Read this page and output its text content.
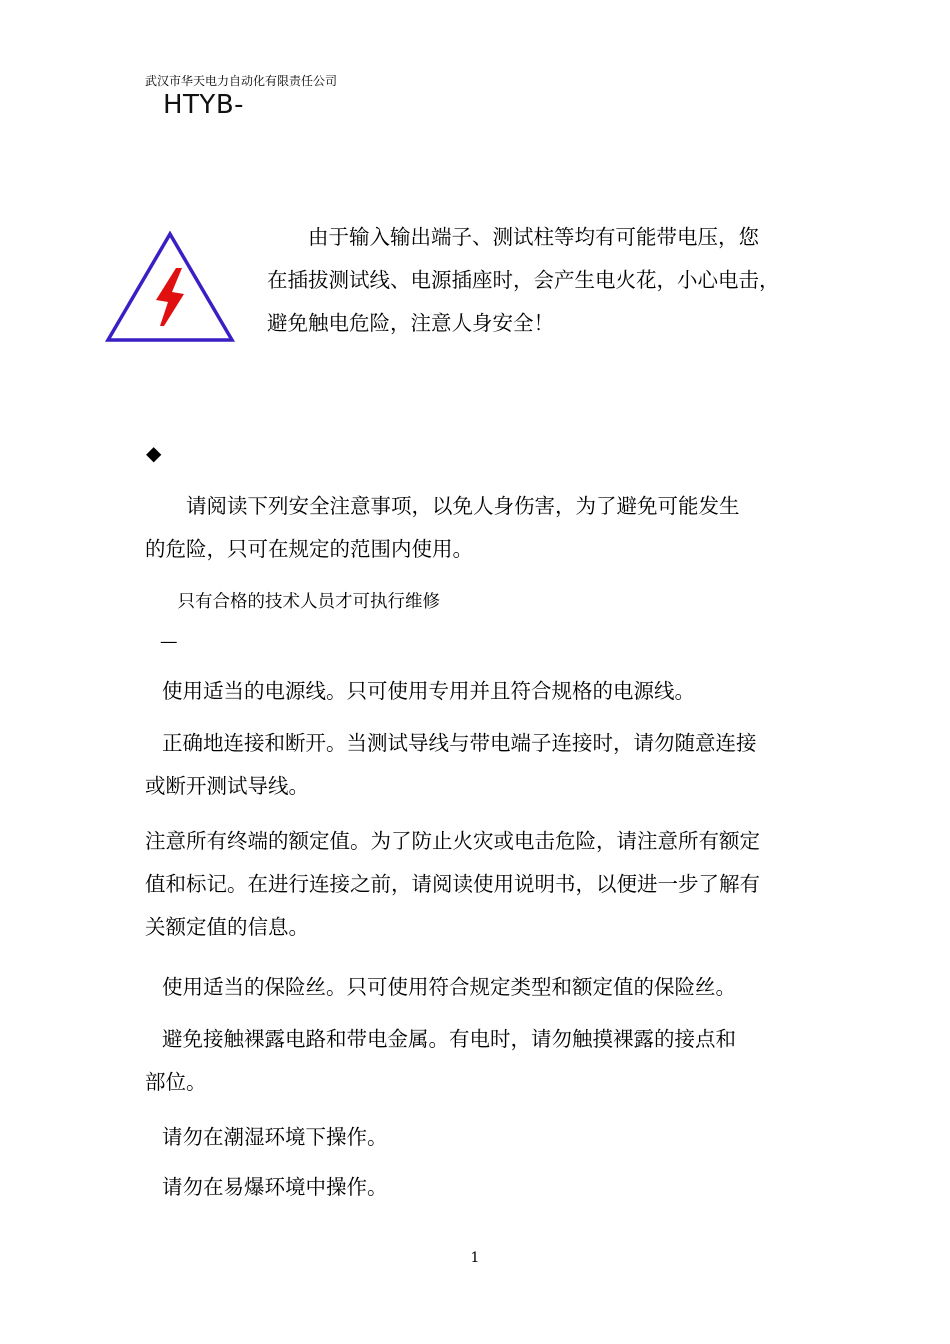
武汉市华天电力自动化有限责任公司
HTYB-　　　　　　　　　　　　　　

　　由于输入输出端子、测试柱等均有可能带电压，您

在插拔测试线、电源插座时，会产生电火花，小心电击，

避免触电危险，注意人身安全！

◆

　　请阅读下列安全注意事项，以免人身伤害，为了避免可能发生
的危险，只可在规定的范围内使用。
　只有合格的技术人员才可执行维修
—　　　　　　　　　
使用适当的电源线。只可使用专用并且符合规格的电源线。
正确地连接和断开。当测试导线与带电端子连接时，请勿随意连接
或断开测试导线。
注意所有终端的额定值。为了防止火灾或电击危险，请注意所有额定
值和标记。在进行连接之前，请阅读使用说明书，以便进一步了解有
关额定值的信息。
使用适当的保险丝。只可使用符合规定类型和额定值的保险丝。
避免接触裸露电路和带电金属。有电时，请勿触摸裸露的接点和
部位。
请勿在潮湿环境下操作。
请勿在易爆环境中操作。
1
